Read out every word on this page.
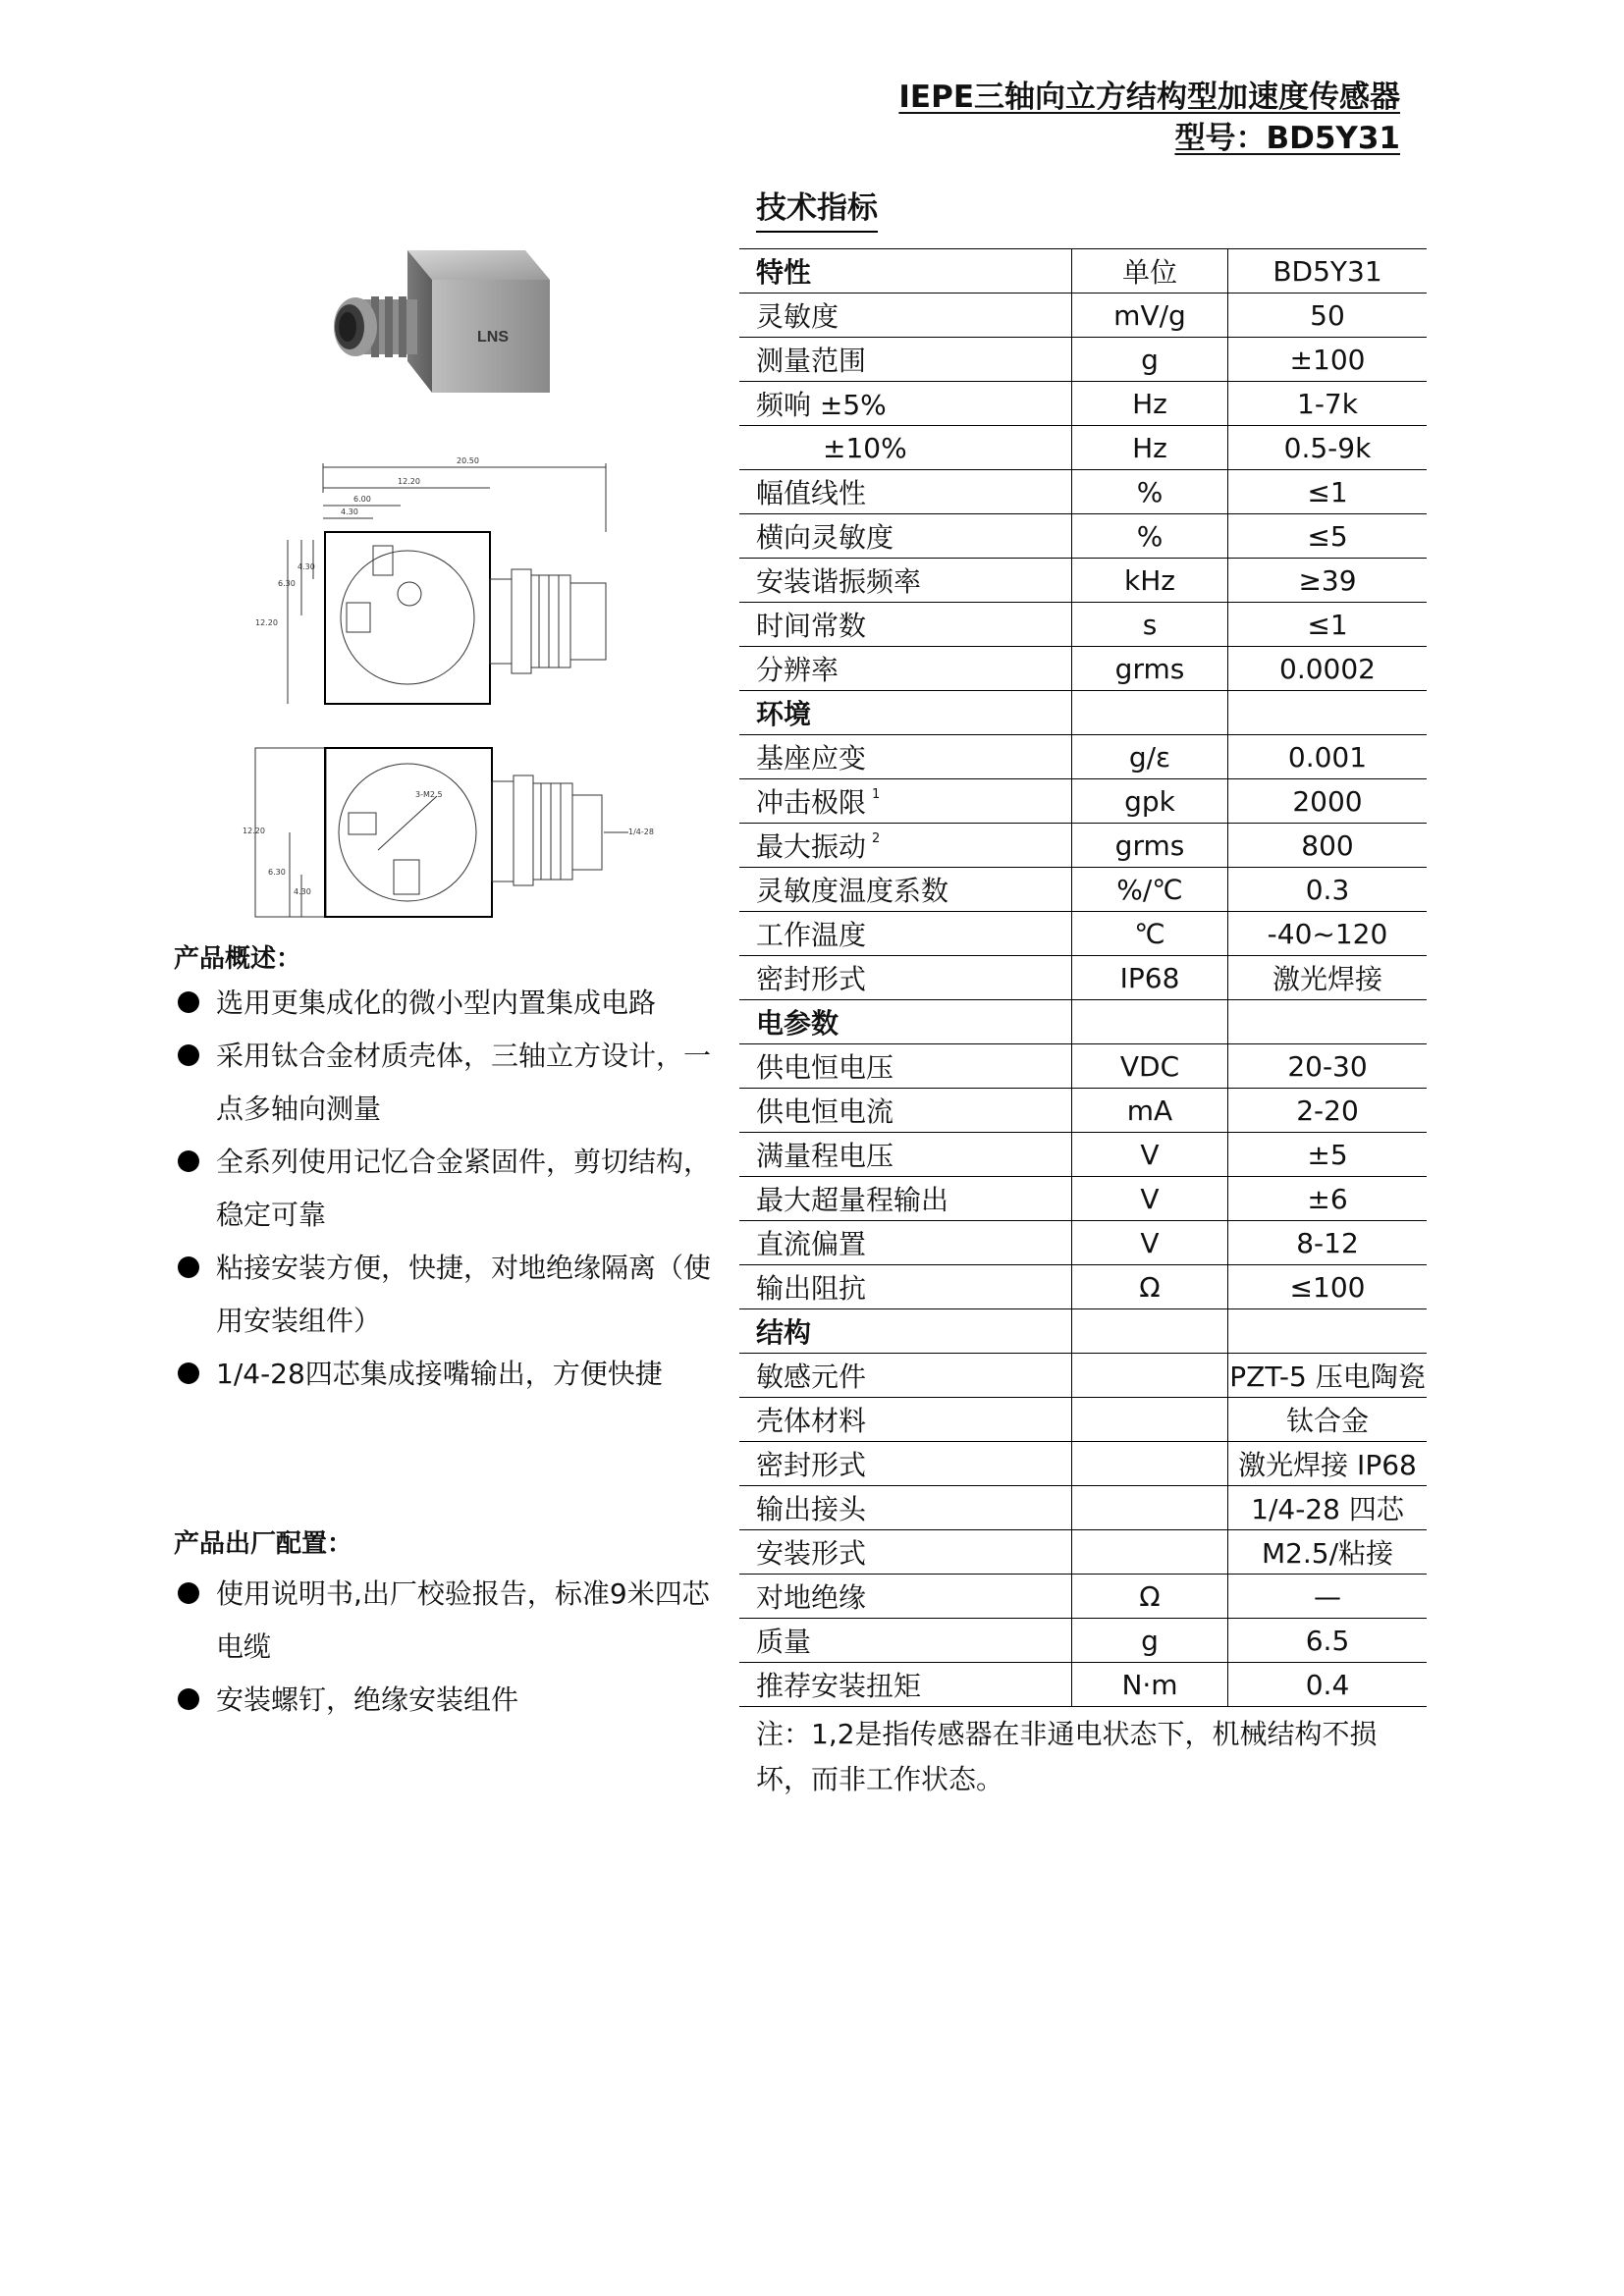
IEPE三轴向立方结构型加速度传感器
型号：BD5Y31
LNS
20.50
12.20
6.00
4.30
12.20
6.30
4.30
3-M2.5
1/4-28
12.20
6.30
4.30
产品概述：
选用更集成化的微小型内置集成电路
采用钛合金材质壳体，三轴立方设计，一点多轴向测量
全系列使用记忆合金紧固件，剪切结构，稳定可靠
粘接安装方便，快捷，对地绝缘隔离（使用安装组件）
1/4-28四芯集成接嘴输出，方便快捷
产品出厂配置：
使用说明书,出厂校验报告，标准9米四芯电缆
安装螺钉，绝缘安装组件
技术指标
特性	单位	BD5Y31
灵敏度	mV/g	50
测量范围	g	±100
频响 ±5%	Hz	1-7k
±10%	Hz	0.5-9k
幅值线性	%	≤1
横向灵敏度	%	≤5
安装谐振频率	kHz	≥39
时间常数	s	≤1
分辨率	grms	0.0002
环境		
基座应变	g/ε	0.001
冲击极限 $^1$	gpk	2000
最大振动 $^2$	grms	800
灵敏度温度系数	%/℃	0.3
工作温度	℃	-40~120
密封形式	IP68	激光焊接
电参数		
供电恒电压	VDC	20-30
供电恒电流	mA	2-20
满量程电压	V	±5
最大超量程输出	V	±6
直流偏置	V	8-12
输出阻抗	Ω	≤100
结构		
敏感元件		PZT-5 压电陶瓷
壳体材料		钛合金
密封形式		激光焊接 IP68
输出接头		1/4-28 四芯
安装形式		M2.5/粘接
对地绝缘	Ω	—
质量	g	6.5
推荐安装扭矩	N·m	0.4
注：1,2是指传感器在非通电状态下，机械结构不损坏，而非工作状态。
